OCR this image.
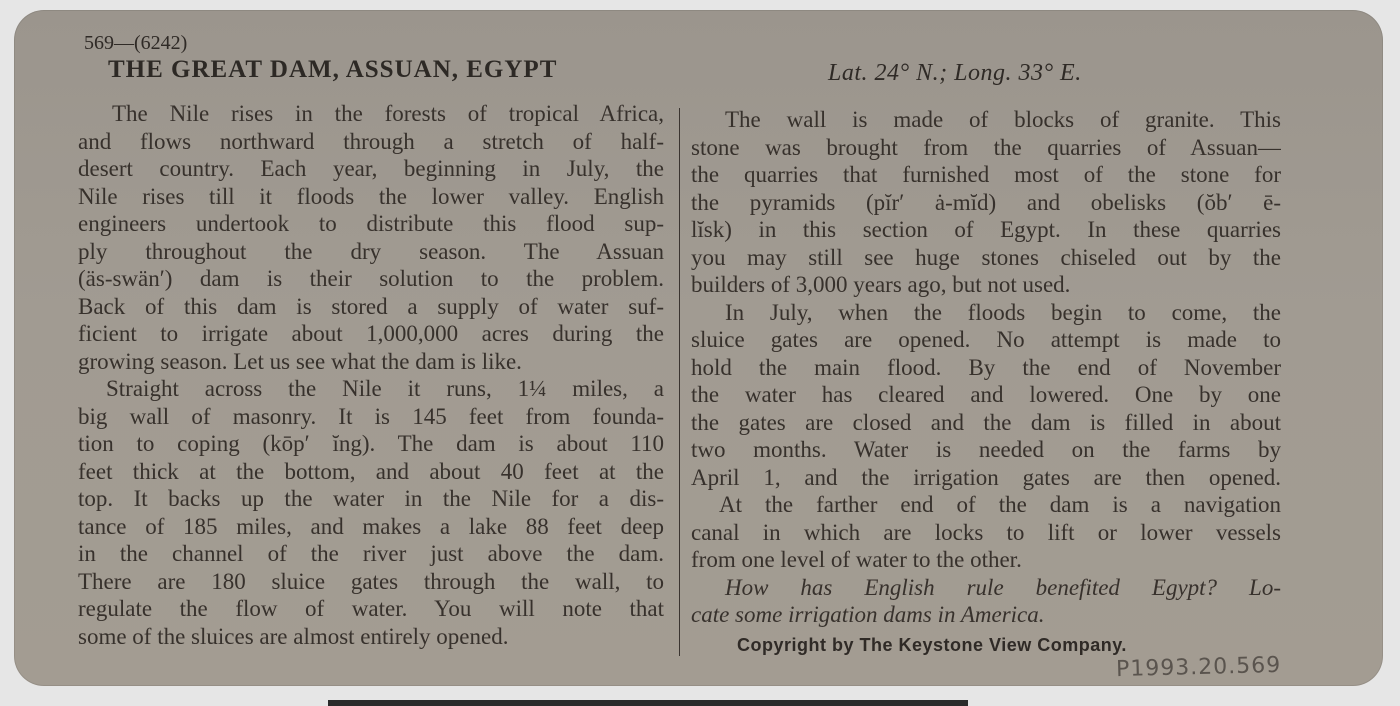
569—(6242)
THE GREAT DAM, ASSUAN, EGYPT	Lat. 24° N.; Long. 33° E.
The Nile rises in the forests of tropical Africa,
and flows northward through a stretch of half-
desert country. Each year, beginning in July, the
Nile rises till it floods the lower valley. English
engineers undertook to distribute this flood sup-
ply throughout the dry season. The Assuan
(äs-swän′) dam is their solution to the problem.
Back of this dam is stored a supply of water suf-
ficient to irrigate about 1,000,000 acres during the
growing season. Let us see what the dam is like.
Straight across the Nile it runs, 1¼ miles, a
big wall of masonry. It is 145 feet from founda-
tion to coping (kōp′ ĭng). The dam is about 110
feet thick at the bottom, and about 40 feet at the
top. It backs up the water in the Nile for a dis-
tance of 185 miles, and makes a lake 88 feet deep
in the channel of the river just above the dam.
There are 180 sluice gates through the wall, to
regulate the flow of water. You will note that
some of the sluices are almost entirely opened.
The wall is made of blocks of granite. This
stone was brought from the quarries of Assuan—
the quarries that furnished most of the stone for
the pyramids (pĭr′ ȧ-mĭd) and obelisks (ŏb′ ē-
lĭsk) in this section of Egypt. In these quarries
you may still see huge stones chiseled out by the
builders of 3,000 years ago, but not used.
In July, when the floods begin to come, the
sluice gates are opened. No attempt is made to
hold the main flood. By the end of November
the water has cleared and lowered. One by one
the gates are closed and the dam is filled in about
two months. Water is needed on the farms by
April 1, and the irrigation gates are then opened.
At the farther end of the dam is a navigation
canal in which are locks to lift or lower vessels
from one level of water to the other.
How has English rule benefited Egypt? Lo-
cate some irrigation dams in America.
Copyright by The Keystone View Company.
P1993.20.569
